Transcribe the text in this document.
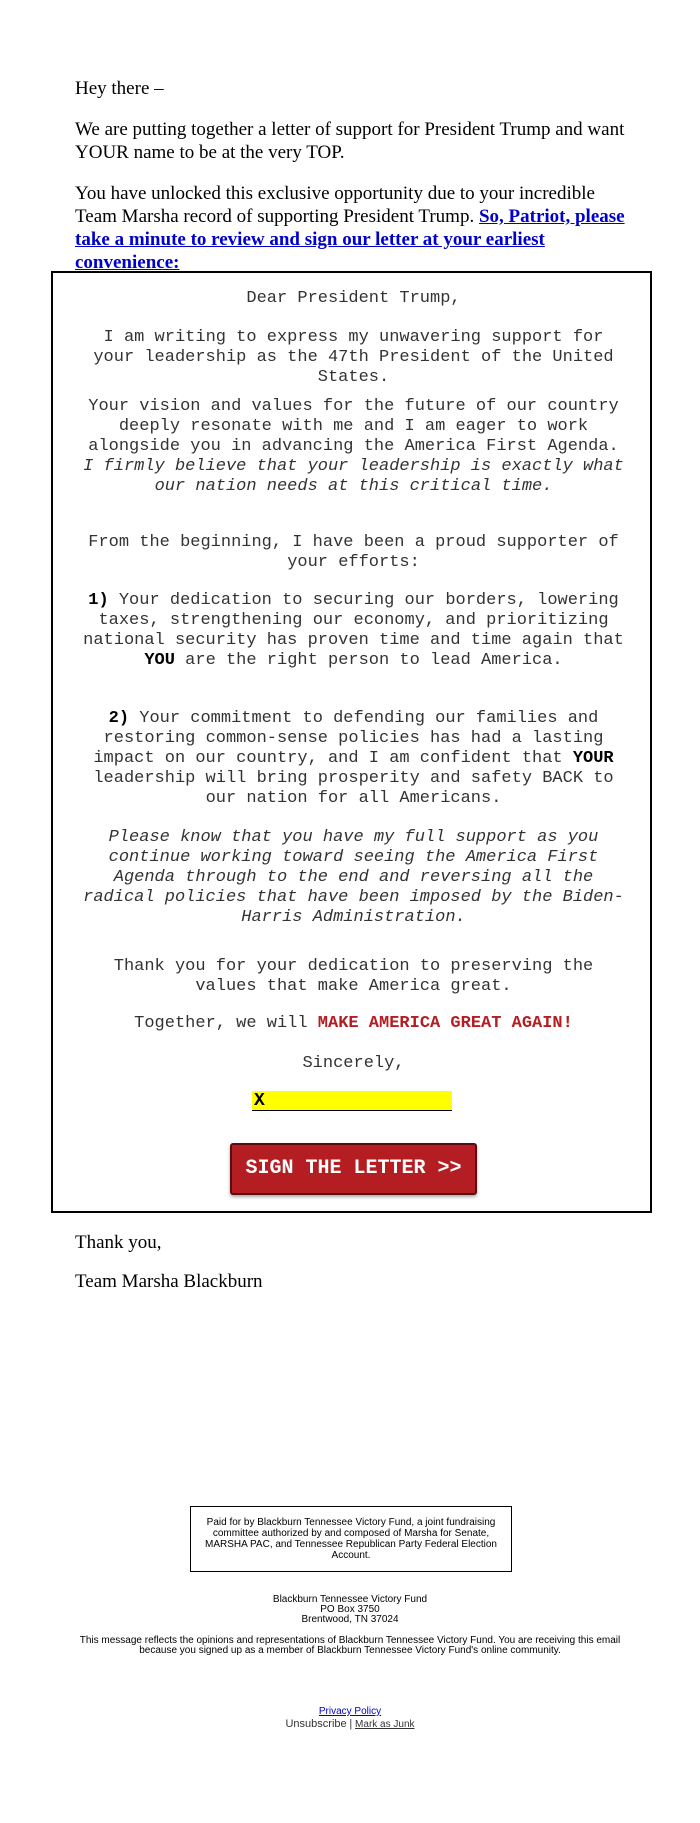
Hey there –

We are putting together a letter of support for President Trump and want YOUR name to be at the very TOP.

You have unlocked this exclusive opportunity due to your incredible Team Marsha record of supporting President Trump. So, Patriot, please take a minute to review and sign our letter at your earliest convenience:

Dear President Trump,

I am writing to express my unwavering support for your leadership as the 47th President of the United States.

Your vision and values for the future of our country deeply resonate with me and I am eager to work alongside you in advancing the America First Agenda. I firmly believe that your leadership is exactly what our nation needs at this critical time.

From the beginning, I have been a proud supporter of your efforts:

1) Your dedication to securing our borders, lowering taxes, strengthening our economy, and prioritizing national security has proven time and time again that YOU are the right person to lead America.

2) Your commitment to defending our families and restoring common-sense policies has had a lasting impact on our country, and I am confident that YOUR leadership will bring prosperity and safety BACK to our nation for all Americans.

Please know that you have my full support as you continue working toward seeing the America First Agenda through to the end and reversing all the radical policies that have been imposed by the Biden-Harris Administration.

Thank you for your dedication to preserving the values that make America great.

Together, we will MAKE AMERICA GREAT AGAIN!

Sincerely,

X
SIGN THE LETTER >>

Thank you,

Team Marsha Blackburn

Paid for by Blackburn Tennessee Victory Fund, a joint fundraising committee authorized by and composed of Marsha for Senate, MARSHA PAC, and Tennessee Republican Party Federal Election Account.
Blackburn Tennessee Victory Fund
PO Box 3750
Brentwood, TN 37024
This message reflects the opinions and representations of Blackburn Tennessee Victory Fund. You are receiving this email because you signed up as a member of Blackburn Tennessee Victory Fund's online community.
Privacy Policy
Unsubscribe | Mark as Junk
